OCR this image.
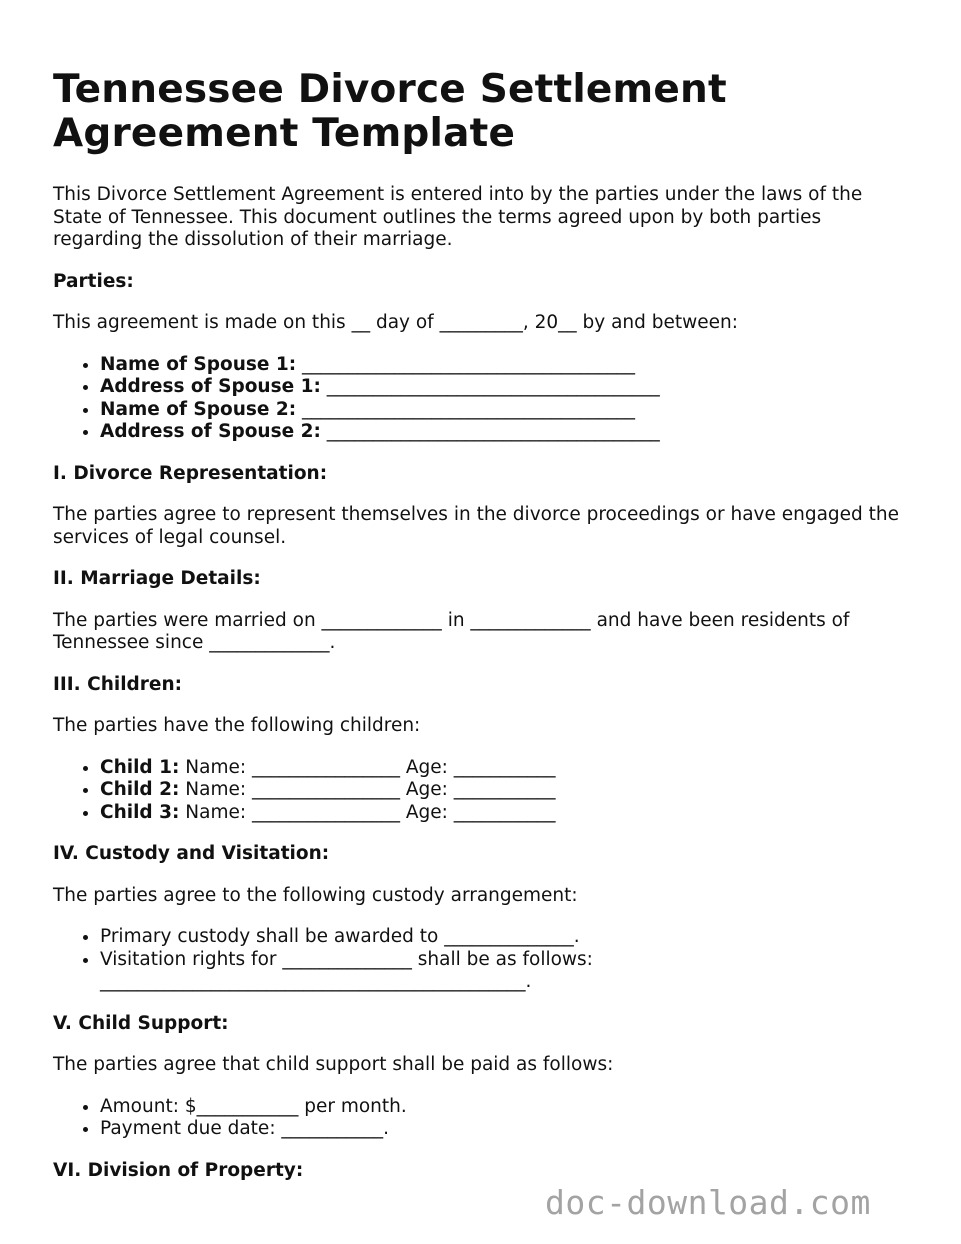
Tennessee Divorce Settlement
Agreement Template

This Divorce Settlement Agreement is entered into by the parties under the laws of the State of Tennessee. This document outlines the terms agreed upon by both parties regarding the dissolution of their marriage.

Parties:

This agreement is made on this __ day of _________, 20__ by and between:

• Name of Spouse 1: ____________________________________
• Address of Spouse 1: ____________________________________
• Name of Spouse 2: ____________________________________
• Address of Spouse 2: ____________________________________
I. Divorce Representation:

The parties agree to represent themselves in the divorce proceedings or have engaged the services of legal counsel.

II. Marriage Details:

The parties were married on _____________ in _____________ and have been residents of Tennessee since _____________.

III. Children:

The parties have the following children:

• Child 1: Name: ________________ Age: ___________
• Child 2: Name: ________________ Age: ___________
• Child 3: Name: ________________ Age: ___________
IV. Custody and Visitation:

The parties agree to the following custody arrangement:

• Primary custody shall be awarded to ______________.
• Visitation rights for ______________ shall be as follows: ______________________________________________.
V. Child Support:

The parties agree that child support shall be paid as follows:

• Amount: $___________ per month.
• Payment due date: ___________.
VI. Division of Property:
doc-download.com
